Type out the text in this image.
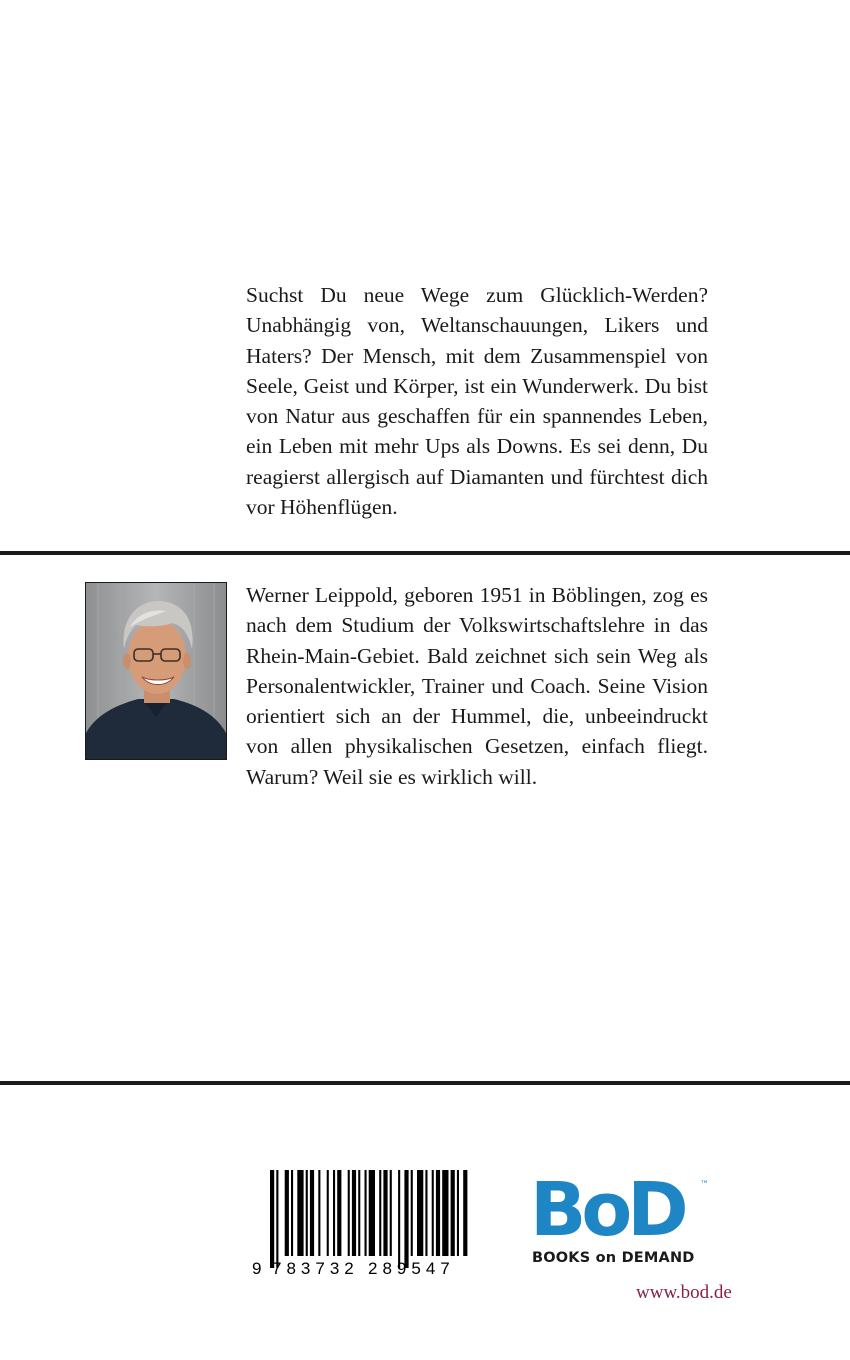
Suchst Du neue Wege zum Glücklich-Werden? Unabhängig von, Weltanschauungen, Likers und Haters? Der Mensch, mit dem Zusammenspiel von Seele, Geist und Körper, ist ein Wunderwerk. Du bist von Natur aus geschaffen für ein spannendes Leben, ein Leben mit mehr Ups als Downs. Es sei denn, Du reagierst allergisch auf Diamanten und fürchtest dich vor Höhenflügen.

Werner Leippold, geboren 1951 in Böblingen, zog es nach dem Studium der Volkswirtschaftslehre in das Rhein-Main-Gebiet. Bald zeichnet sich sein Weg als Personalentwickler, Trainer und Coach. Seine Vision orientiert sich an der Hummel, die, unbeeindruckt von allen physikalischen Gesetzen, einfach fliegt. Warum? Weil sie es wirklich will.

9 783732 289547
BoD ™
BOOKS on DEMAND
www.bod.de
